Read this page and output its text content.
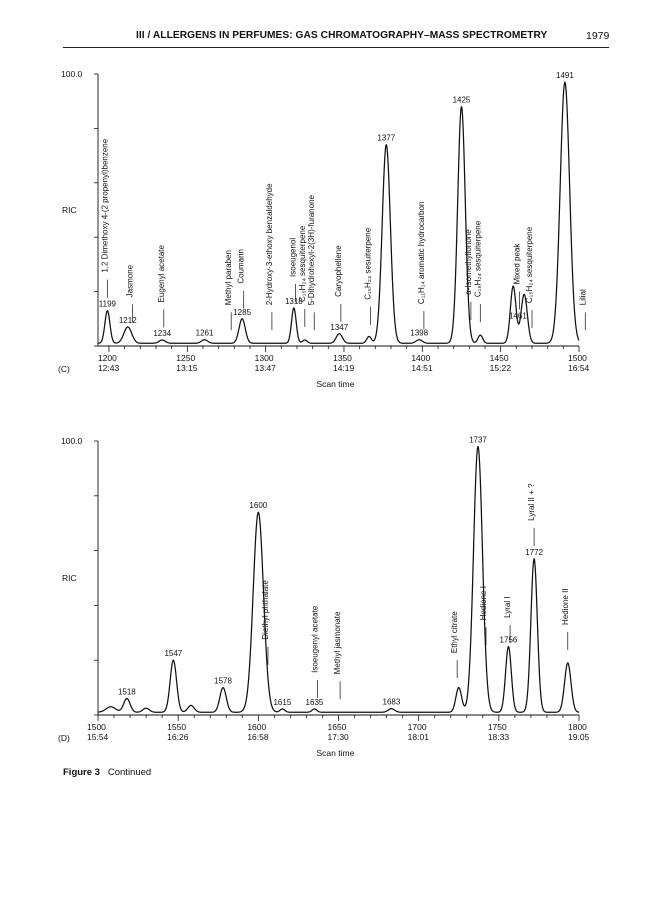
III / ALLERGENS IN PERFUMES: GAS CHROMATOGRAPHY–MASS SPECTROMETRY	1979
100.0
RIC
1200
12:43
1250
13:15
1300
13:47
1350
14:19
1400
14:51
1450
15:22
1500
16:54
(C)
Scan time
1199
1212
1234	1261
1285
1318
1347
1377
1398
1425
1461
1491
1,2 Dimethoxy 4-(2 propenyl)benzene
Jasmone	Eugenyl acetate	Methyl paraben Coumarin 2-Hydroxy-3-ethoxy benzaldehyde Isoeugenol C₁₅H₂₄ sesquiterpene 5-Dihydrohexyl-2(3H)-furanone Caryophellene	C₁₅H₂₄ sesuiterpene	C₁₁H₁₄ aromatic hydrocarbon	α-Isomethylionone C₁₅H₂₄ sesquiterpene	Mixed peak C₁₅H₂₄ sesquiterpene	Lilial
100.0
RIC
1500
15:54
1550
16:26
1600
16:58
1650
17:30
1700
18:01
1750
18:33
1800
19:05
(D)
Scan time
1518
1547
1578
1600
1615 1635	1683
1737
1756
1772
Diethyl phthalate	Isoeugenyl acetate Methyl jasmonate	Ethyl citrate
Hedione I Lyral I
Lyral II + ?
Hedione II
Figure 3 Continued
